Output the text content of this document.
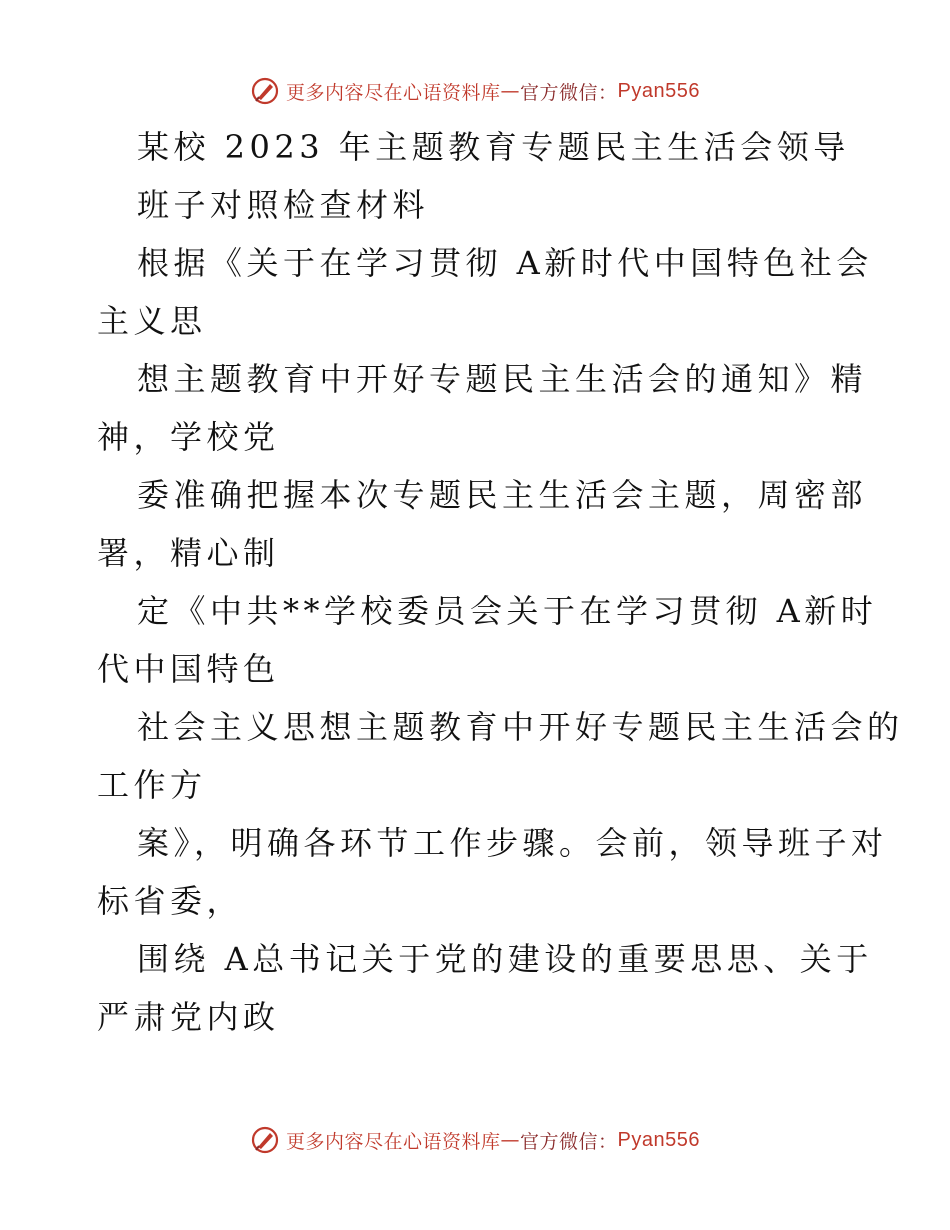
更多内容尽在心语资料库 — 官方微信： Pyan556
某校 2023 年主题教育专题民主生活会领导
班子对照检查材料
根据《关于在学习贯彻 A新时代中国特色社会
主义思
想主题教育中开好专题民主生活会的通知》精
神，学校党
委准确把握本次专题民主生活会主题，周密部
署，精心制
定《中共**学校委员会关于在学习贯彻 A新时
代中国特色
社会主义思想主题教育中开好专题民主生活会的
工作方
案》，明确各环节工作步骤。会前，领导班子对
标省委，
围绕 A总书记关于党的建设的重要思思、关于
严肃党内政
更多内容尽在心语资料库 — 官方微信： Pyan556
